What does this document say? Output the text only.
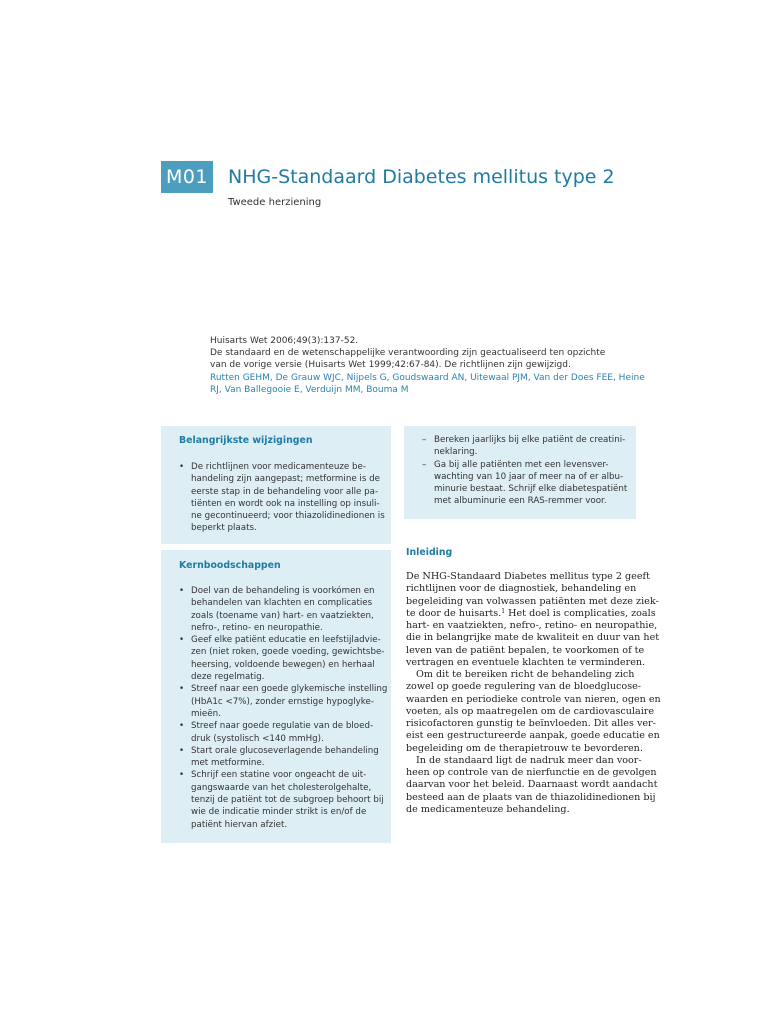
M01 NHG-Standaard Diabetes mellitus type 2
Tweede herziening
Huisarts Wet 2006;49(3):137-52.
De standaard en de wetenschappelijke verantwoording zijn geactualiseerd ten opzichte
van de vorige versie (Huisarts Wet 1999;42:67-84). De richtlijnen zijn gewijzigd.
Rutten GEHM, De Grauw WJC, Nijpels G, Goudswaard AN, Uitewaal PJM, Van der Does FEE, Heine
RJ, Van Ballegooie E, Verduijn MM, Bouma M
Belangrijkste wijzigingen
• De richtlijnen voor medicamenteuze be-
handeling zijn aangepast; metformine is de
eerste stap in de behandeling voor alle pa-
tiënten en wordt ook na instelling op insuli-
ne gecontinueerd; voor thiazolidinedionen is
beperkt plaats.
– Bereken jaarlijks bij elke patiënt de creatini-
neklaring.
– Ga bij alle patiënten met een levensver-
wachting van 10 jaar of meer na of er albu-
minurie bestaat. Schrijf elke diabetespatiënt
met albuminurie een RAS-remmer voor.
Kernboodschappen
• Doel van de behandeling is voorkómen en
behandelen van klachten en complicaties
zoals (toename van) hart- en vaatziekten,
nefro-, retino- en neuropathie.
• Geef elke patiënt educatie en leefstijladvie-
zen (niet roken, goede voeding, gewichtsbe-
heersing, voldoende bewegen) en herhaal
deze regelmatig.
• Streef naar een goede glykemische instelling
(HbA1c <7%), zonder ernstige hypoglyke-
mieën.
• Streef naar goede regulatie van de bloed-
druk (systolisch <140 mmHg).
• Start orale glucoseverlagende behandeling
met metformine.
• Schrijf een statine voor ongeacht de uit-
gangswaarde van het cholesterolgehalte,
tenzij de patiënt tot de subgroep behoort bij
wie de indicatie minder strikt is en/of de
patiënt hiervan afziet.
Inleiding
De NHG-Standaard Diabetes mellitus type 2 geeft
richtlijnen voor de diagnostiek, behandeling en
begeleiding van volwassen patiënten met deze ziek-
te door de huisarts.$^1$ Het doel is complicaties, zoals
hart- en vaatziekten, nefro-, retino- en neuropathie,
die in belangrijke mate de kwaliteit en duur van het
leven van de patiënt bepalen, te voorkomen of te
vertragen en eventuele klachten te verminderen.
Om dit te bereiken richt de behandeling zich
zowel op goede regulering van de bloedglucose-
waarden en periodieke controle van nieren, ogen en
voeten, als op maatregelen om de cardiovasculaire
risicofactoren gunstig te beïnvloeden. Dit alles ver-
eist een gestructureerde aanpak, goede educatie en
begeleiding om de therapietrouw te bevorderen.
In de standaard ligt de nadruk meer dan voor-
heen op controle van de nierfunctie en de gevolgen
daarvan voor het beleid. Daarnaast wordt aandacht
besteed aan de plaats van de thiazolidinedionen bij
de medicamenteuze behandeling.
